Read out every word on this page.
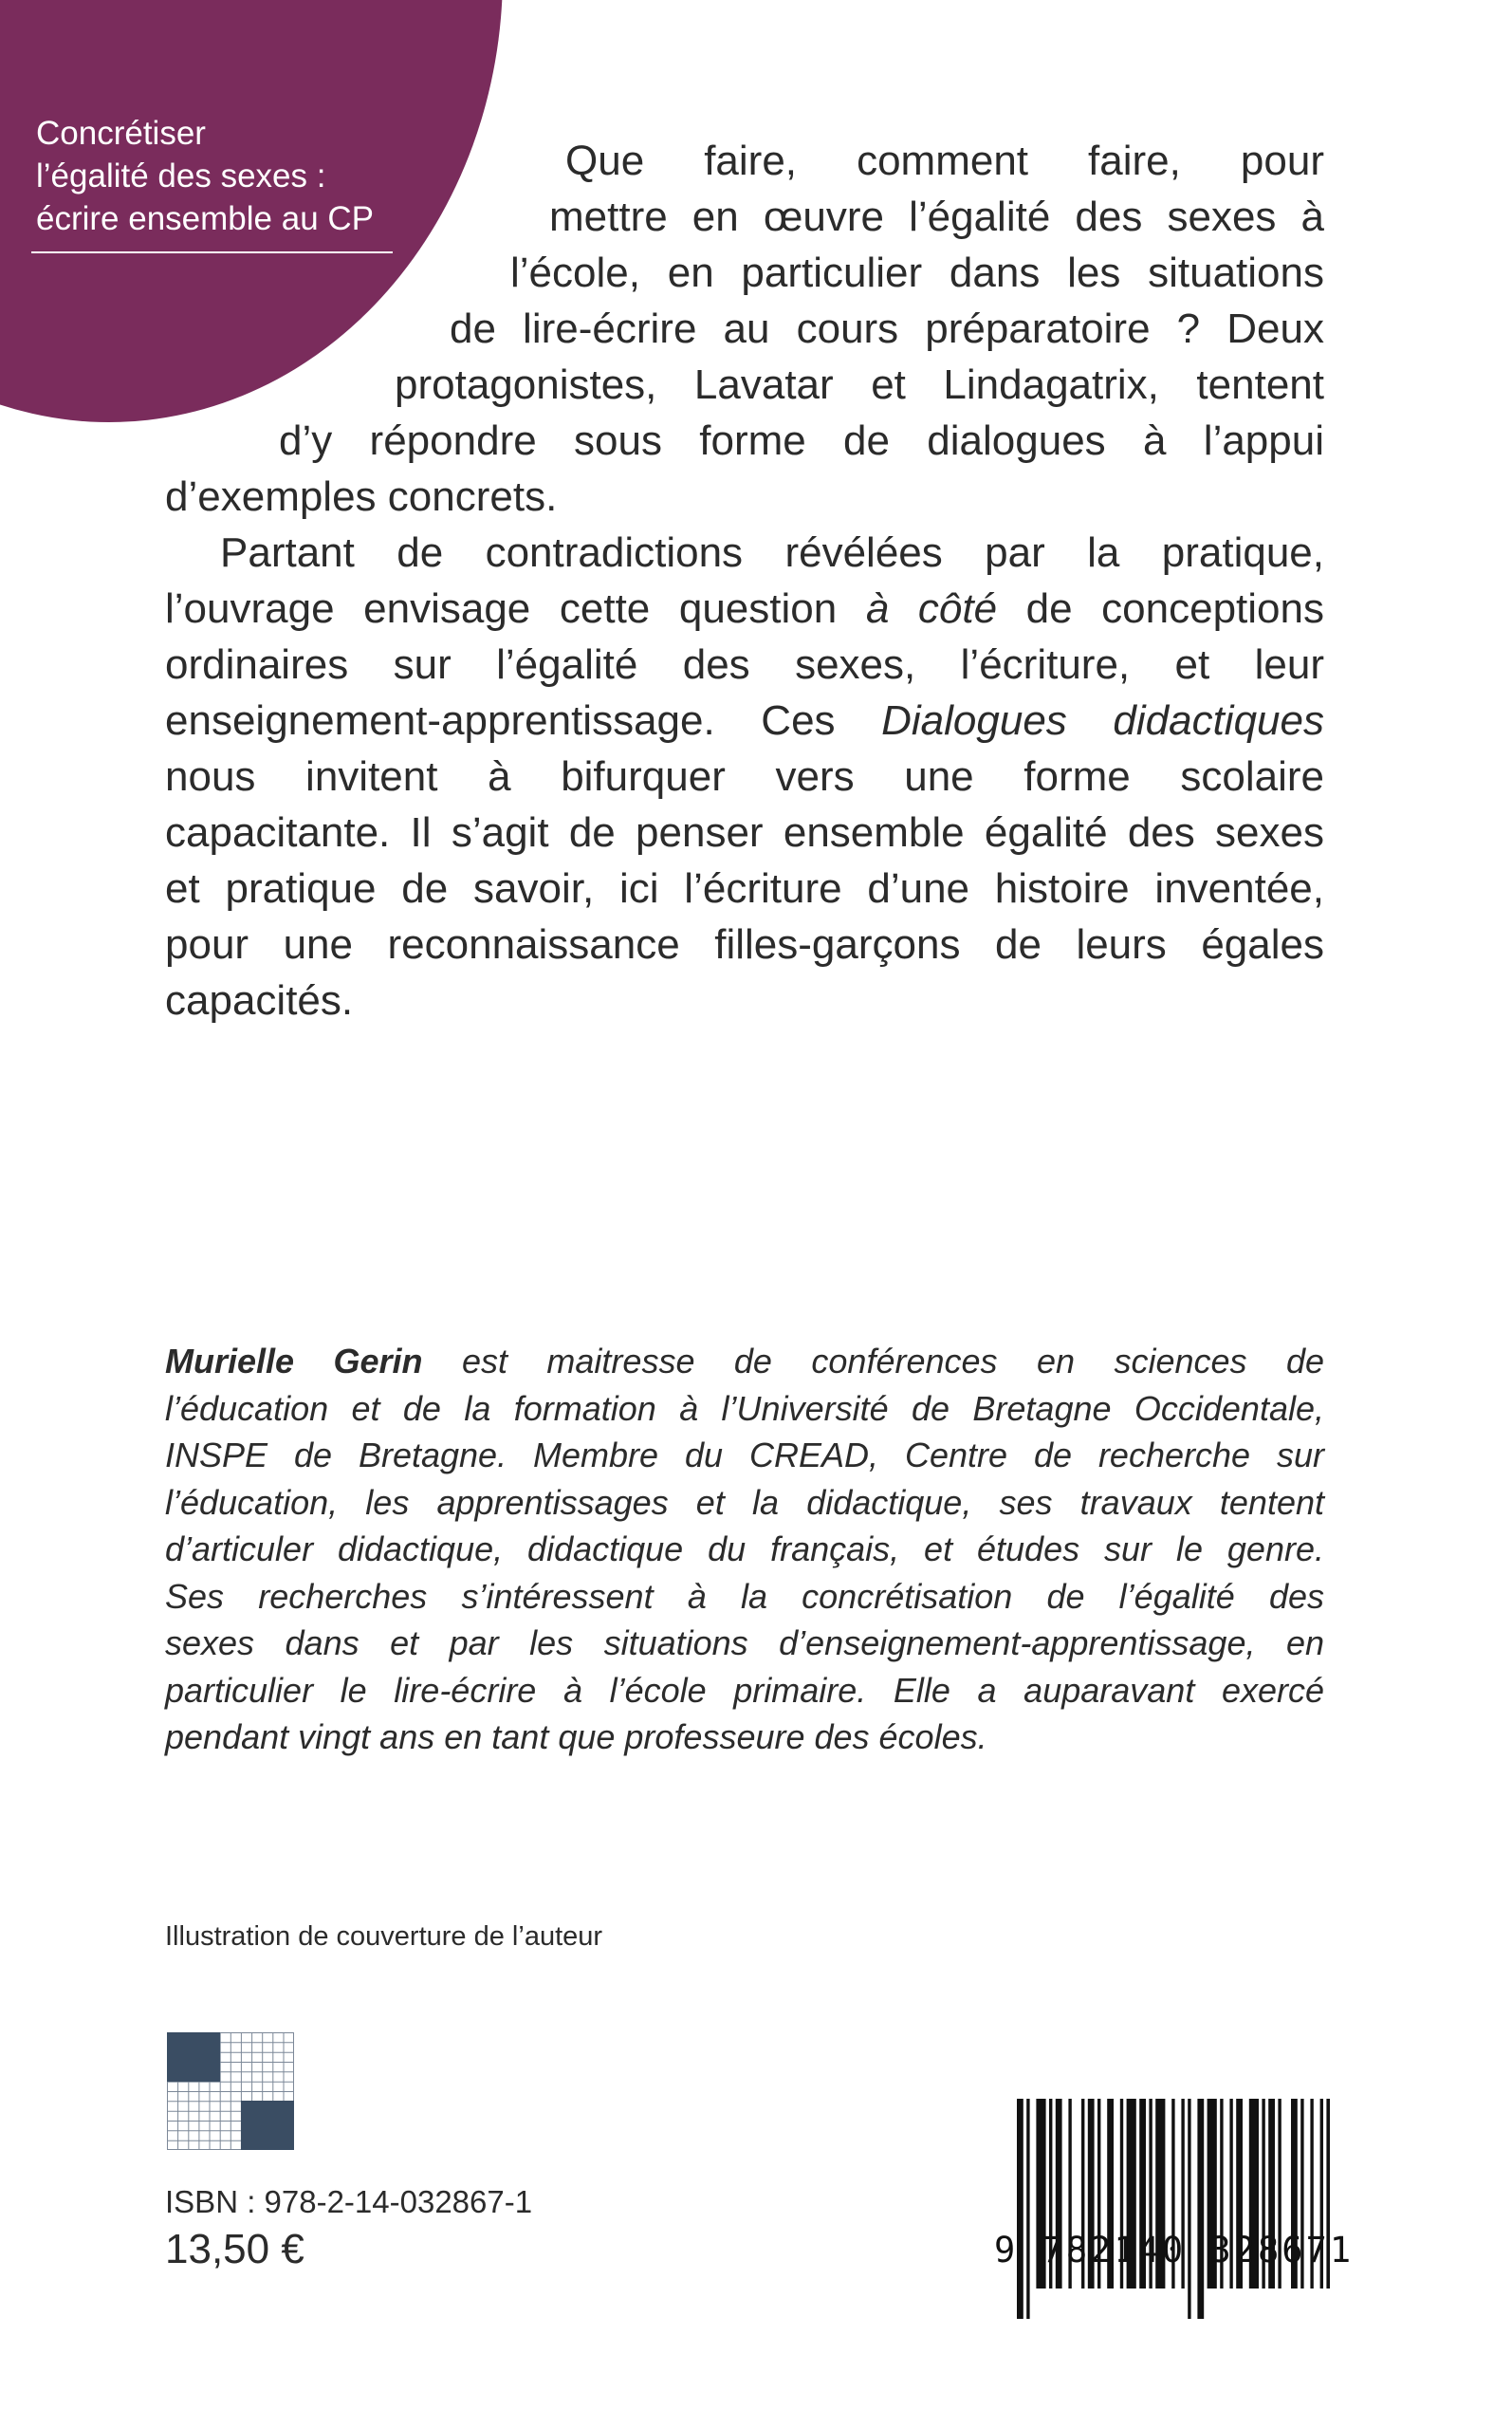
Concrétiser
l’égalité des sexes :
écrire ensemble au CP
Que faire, comment faire, pour
mettre en œuvre l’égalité des sexes à
l’école, en particulier dans les situations
de lire-écrire au cours préparatoire ? Deux
protagonistes, Lavatar et Lindagatrix, tentent
d’y répondre sous forme de dialogues à l’appui
d’exemples concrets.
Partant de contradictions révélées par la pratique,
l’ouvrage envisage cette question à côté de conceptions
ordinaires sur l’égalité des sexes, l’écriture, et leur
enseignement-apprentissage. Ces Dialogues didactiques
nous invitent à bifurquer vers une forme scolaire
capacitante. Il s’agit de penser ensemble égalité des sexes
et pratique de savoir, ici l’écriture d’une histoire inventée,
pour une reconnaissance filles-garçons de leurs égales
capacités.
Murielle Gerin est maitresse de conférences en sciences de
l’éducation et de la formation à l’Université de Bretagne Occidentale,
INSPE de Bretagne. Membre du CREAD, Centre de recherche sur
l’éducation, les apprentissages et la didactique, ses travaux tentent
d’articuler didactique, didactique du français, et études sur le genre.
Ses recherches s’intéressent à la concrétisation de l’égalité des
sexes dans et par les situations d’enseignement-apprentissage, en
particulier le lire-écrire à l’école primaire. Elle a auparavant exercé
pendant vingt ans en tant que professeure des écoles.
Illustration de couverture de l’auteur
ISBN : 978-2-14-032867-1
13,50 €	9 782140 328671
